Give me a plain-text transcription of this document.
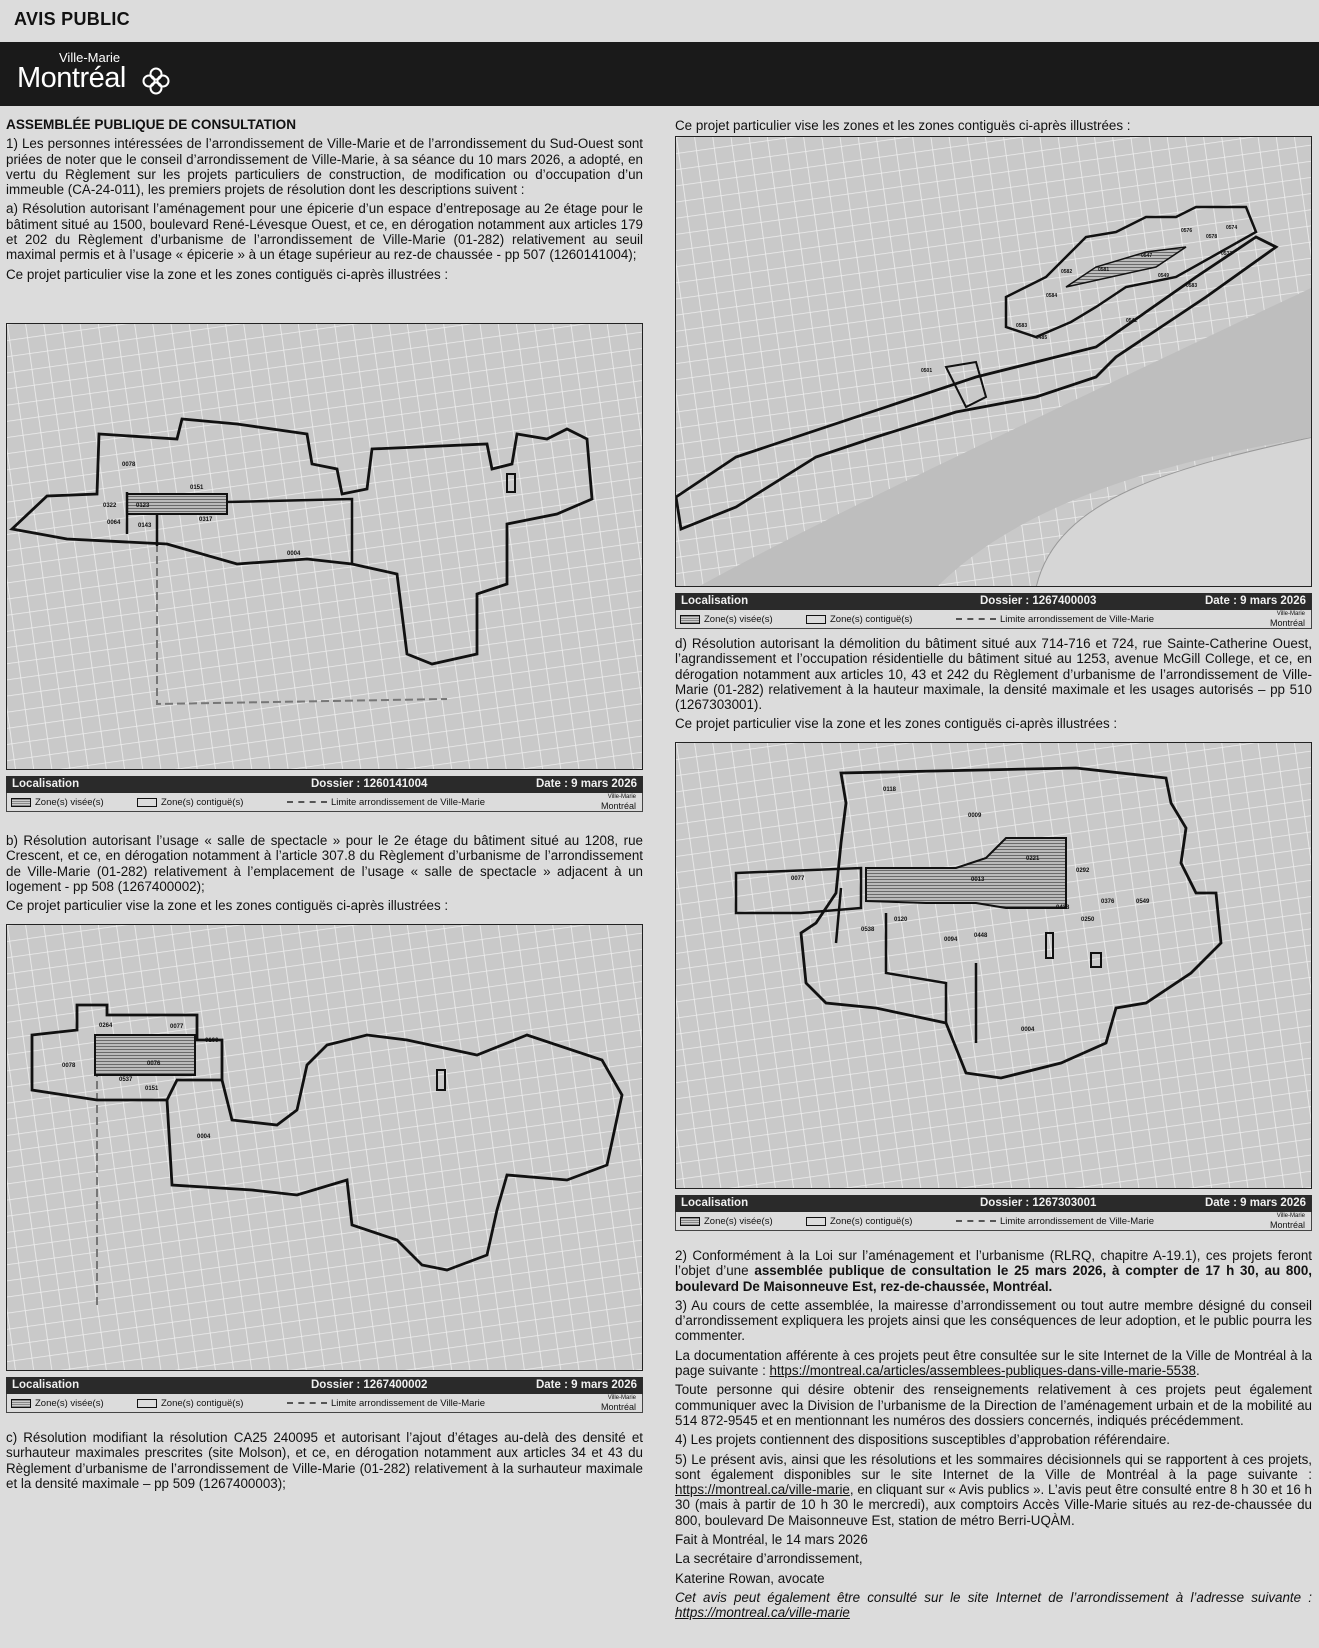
AVIS PUBLIC
Ville-Marie
Montréal

ASSEMBLÉE PUBLIQUE DE CONSULTATION

1) Les personnes intéressées de l’arrondissement de Ville-Marie et de l’arrondissement du Sud-Ouest sont priées de noter que le conseil d’arrondissement de Ville-Marie, à sa séance du 10 mars 2026, a adopté, en vertu du Règlement sur les projets particuliers de construction, de modification ou d’occupation d’un immeuble (CA-24-011), les premiers projets de résolution dont les descriptions suivent :

a) Résolution autorisant l’aménagement pour une épicerie d’un espace d’entreposage au 2e étage pour le bâtiment situé au 1500, boulevard René-Lévesque Ouest, et ce, en dérogation notamment aux articles 179 et 202 du Règlement d’urbanisme de l’arrondissement de Ville-Marie (01-282) relativement au seuil maximal permis et à l’usage « épicerie » à un étage supérieur au rez-de chaussée - pp 507 (1260141004);

Ce projet particulier vise la zone et les zones contiguës ci-après illustrées :

0078
0151
0322	0123
0317
0064	0143
0004
Localisation	Dossier : 1260141004	Date : 9 mars 2026
Zone(s) visée(s)	Zone(s) contiguë(s)	Limite arrondissement de Ville-Marie	Ville-Marie
Montréal

b) Résolution autorisant l’usage « salle de spectacle » pour le 2e étage du bâtiment situé au 1208, rue Crescent, et ce, en dérogation notamment à l’article 307.8 du Règlement d’urbanisme de l’arrondissement de Ville-Marie (01-282) relativement à l’emplacement de l’usage « salle de spectacle » adjacent à un logement - pp 508 (1267400002);

Ce projet particulier vise la zone et les zones contiguës ci-après illustrées :

0264	0077
0166
0078	0076
0537
0151
0004
Localisation	Dossier : 1267400002	Date : 9 mars 2026
Zone(s) visée(s)	Zone(s) contiguë(s)	Limite arrondissement de Ville-Marie	Ville-Marie
Montréal

c) Résolution modifiant la résolution CA25 240095 et autorisant l’ajout d’étages au-delà des densité et surhauteur maximales prescrites (site Molson), et ce, en dérogation notamment aux articles 34 et 43 du Règlement d’urbanisme de l’arrondissement de Ville-Marie (01-282) relativement à la surhauteur maximale et la densité maximale – pp 509 (1267400003);

Ce projet particulier vise les zones et les zones contiguës ci-après illustrées :

0574
0576
0578
0547	0533
0582	0581
0549
0583
0542
0584
0583
0485
0501
Localisation	Dossier : 1267400003	Date : 9 mars 2026
Zone(s) visée(s)	Zone(s) contiguë(s)	Limite arrondissement de Ville-Marie	Ville-Marie
Montréal

d) Résolution autorisant la démolition du bâtiment situé aux 714-716 et 724, rue Sainte-Catherine Ouest, l’agrandissement et l’occupation résidentielle du bâtiment situé au 1253, avenue McGill College, et ce, en dérogation notamment aux articles 10, 43 et 242 du Règlement d’urbanisme de l’arrondissement de Ville-Marie (01-282) relativement à la hauteur maximale, la densité maximale et les usages autorisés – pp 510 (1267303001).

Ce projet particulier vise la zone et les zones contiguës ci-après illustrées :

0118
0009
0221
0292
0077	0013
0376	0549
0438
0120	0250
0538
0094
0448
0004
Localisation	Dossier : 1267303001	Date : 9 mars 2026
Zone(s) visée(s)	Zone(s) contiguë(s)	Limite arrondissement de Ville-Marie	Ville-Marie
Montréal

2) Conformément à la Loi sur l’aménagement et l’urbanisme (RLRQ, chapitre A-19.1), ces projets feront l’objet d’une assemblée publique de consultation le 25 mars 2026, à compter de 17 h 30, au 800, boulevard De Maisonneuve Est, rez-de-chaussée, Montréal.

3) Au cours de cette assemblée, la mairesse d’arrondissement ou tout autre membre désigné du conseil d’arrondissement expliquera les projets ainsi que les conséquences de leur adoption, et le public pourra les commenter.

La documentation afférente à ces projets peut être consultée sur le site Internet de la Ville de Montréal à la page suivante : https://montreal.ca/articles/assemblees-publiques-dans-ville-marie-5538.

Toute personne qui désire obtenir des renseignements relativement à ces projets peut également communiquer avec la Division de l’urbanisme de la Direction de l’aménagement urbain et de la mobilité au 514 872-9545 et en mentionnant les numéros des dossiers concernés, indiqués précédemment.

4) Les projets contiennent des dispositions susceptibles d’approbation référendaire.

5) Le présent avis, ainsi que les résolutions et les sommaires décisionnels qui se rapportent à ces projets, sont également disponibles sur le site Internet de la Ville de Montréal à la page suivante : https://montreal.ca/ville-marie, en cliquant sur « Avis publics ». L’avis peut être consulté entre 8 h 30 et 16 h 30 (mais à partir de 10 h 30 le mercredi), aux comptoirs Accès Ville-Marie situés au rez-de-chaussée du 800, boulevard De Maisonneuve Est, station de métro Berri-UQÀM.

Fait à Montréal, le 14 mars 2026

La secrétaire d’arrondissement,

Katerine Rowan, avocate

Cet avis peut également être consulté sur le site Internet de l’arrondissement à l’adresse suivante : https://montreal.ca/ville-marie
